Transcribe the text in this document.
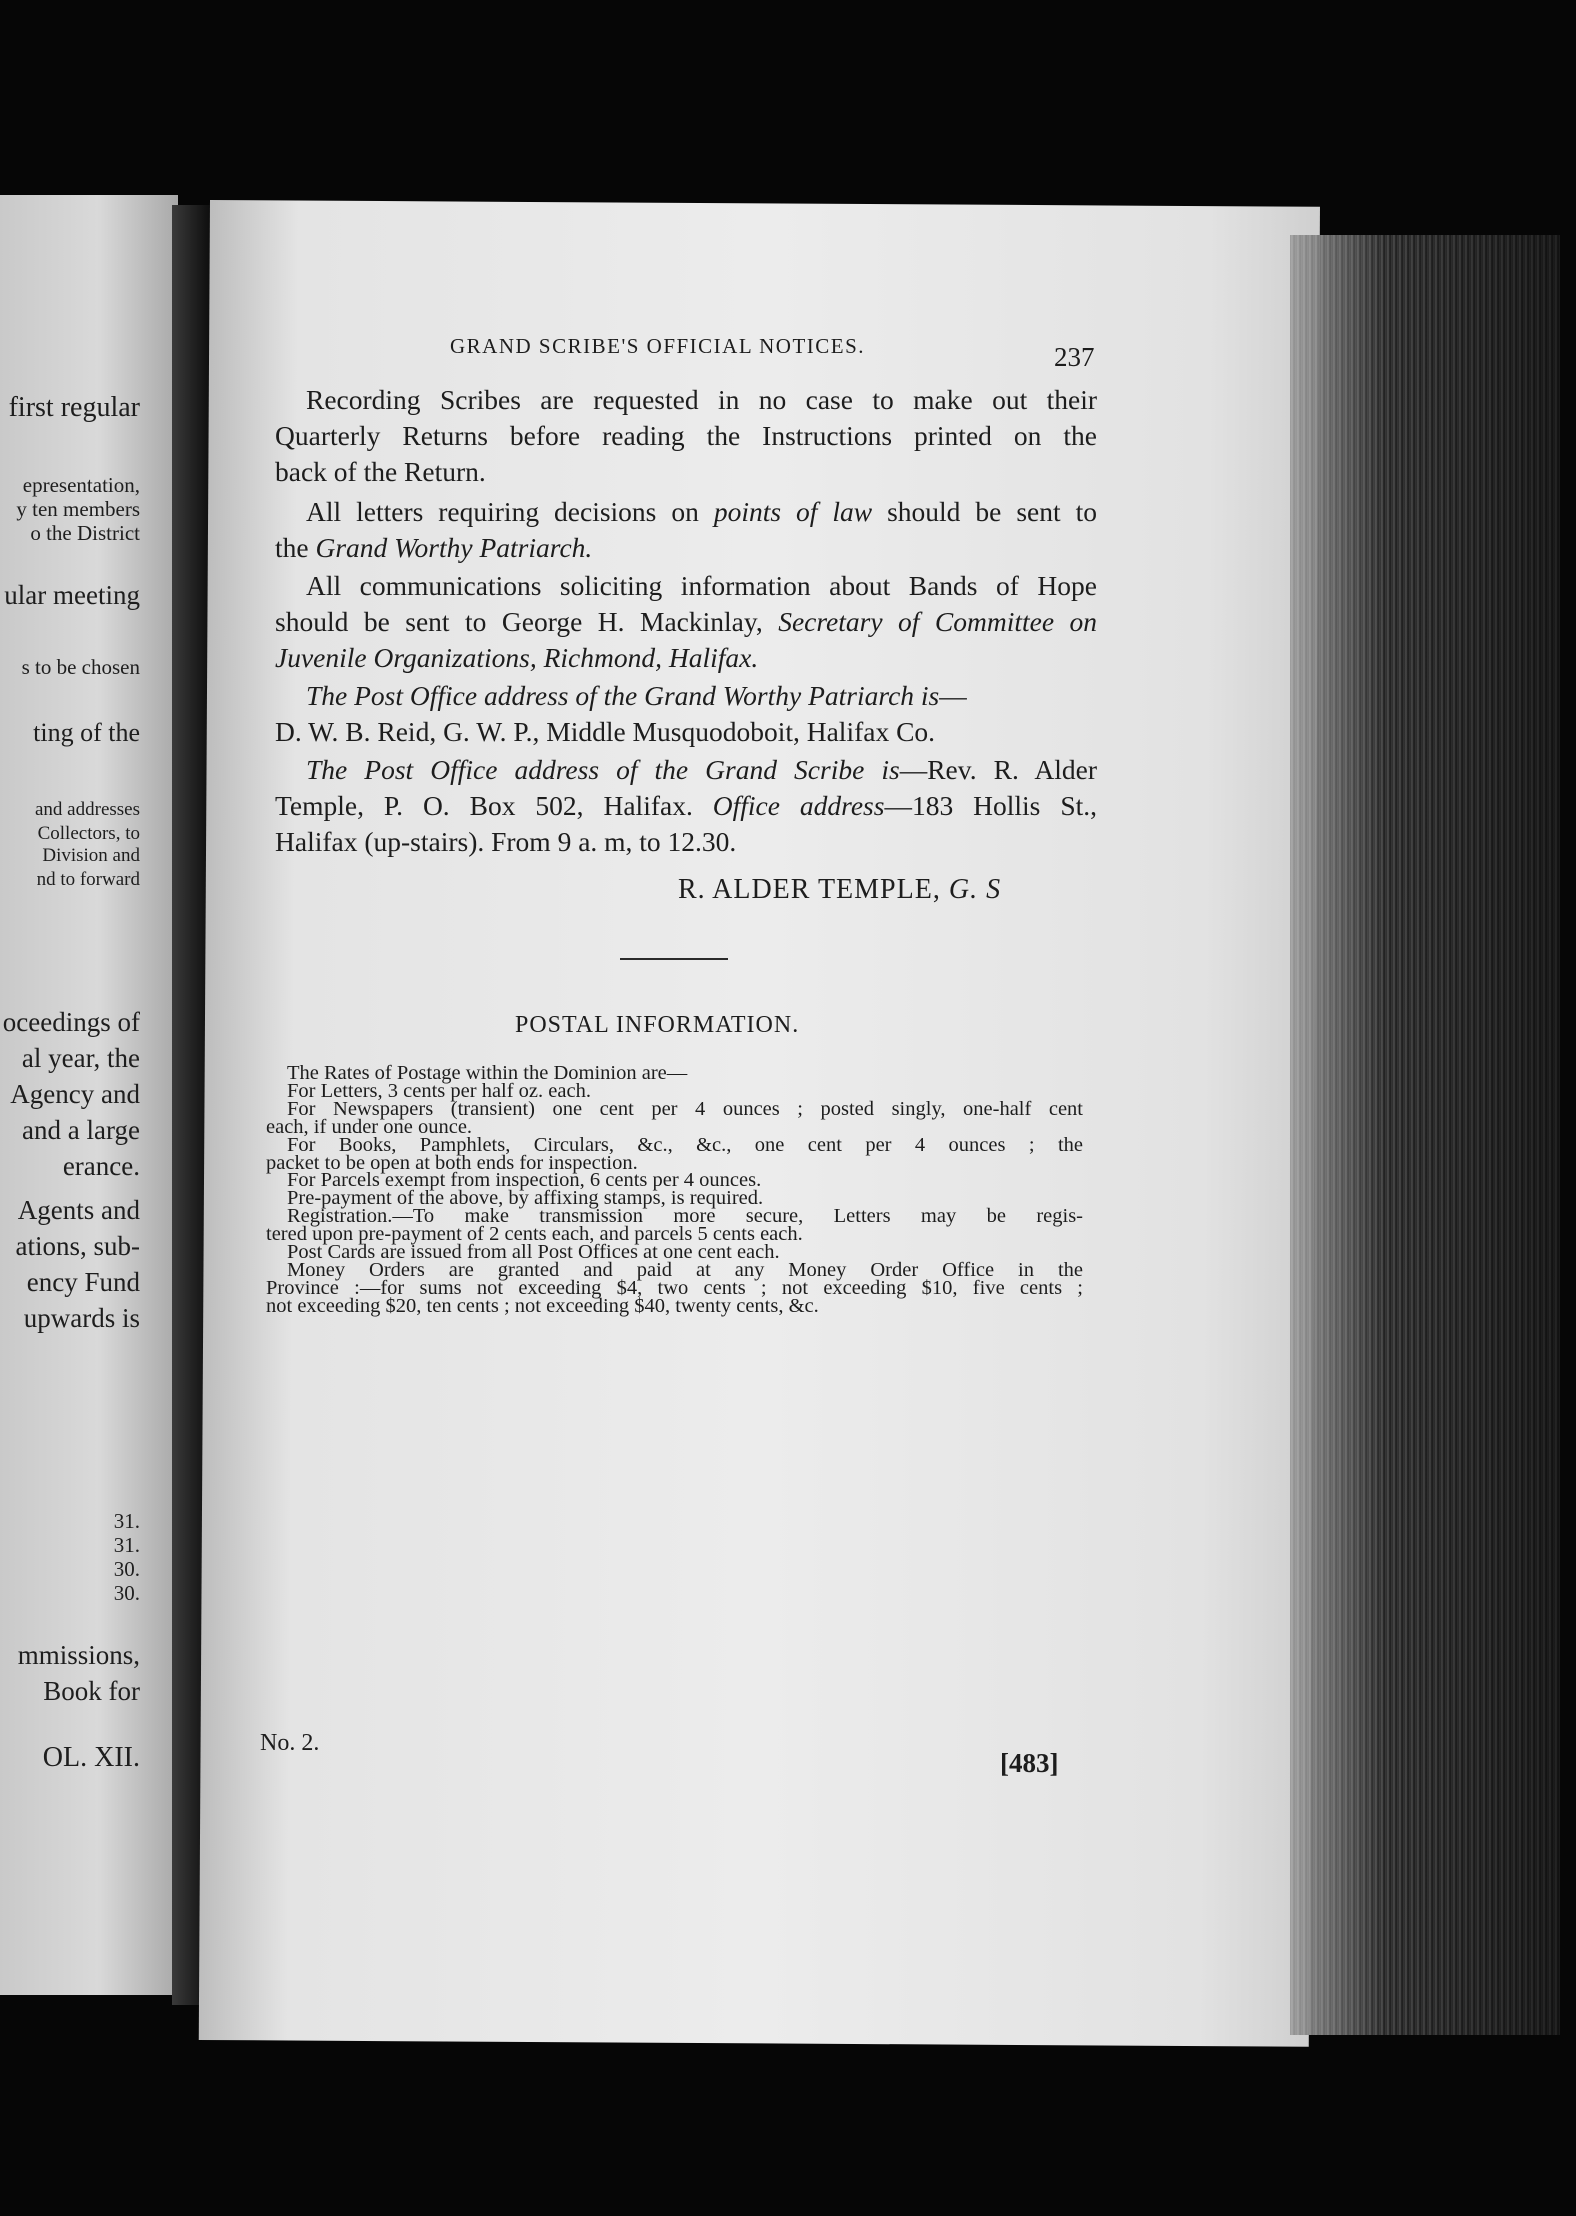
first regular
epresentation,
y ten members
o the District
ular meeting
s to be chosen
ting of the
and addresses
Collectors, to
Division and
nd to forward
oceedings of
al year, the
Agency and
and a large
erance.
Agents and
ations, sub-
ency Fund
upwards is
31.
31.
30.
30.
mmissions,
Book for
OL. XII.
GRAND SCRIBE'S OFFICIAL NOTICES.	237
Recording Scribes are requested in no case to make out their
Quarterly Returns before reading the Instructions printed on the
back of the Return.
All letters requiring decisions on points of law should be sent to
the Grand Worthy Patriarch.
All communications soliciting information about Bands of Hope
should be sent to George H. Mackinlay, Secretary of Committee on
Juvenile Organizations, Richmond, Halifax.
The Post Office address of the Grand Worthy Patriarch is—
D. W. B. Reid, G. W. P., Middle Musquodoboit, Halifax Co.
The Post Office address of the Grand Scribe is—Rev. R. Alder
Temple, P. O. Box 502, Halifax. Office address—183 Hollis St.,
Halifax (up-stairs). From 9 a. m, to 12.30.
R. ALDER TEMPLE, G. S
POSTAL INFORMATION.
The Rates of Postage within the Dominion are—
For Letters, 3 cents per half oz. each.
For Newspapers (transient) one cent per 4 ounces ; posted singly, one-half cent
each, if under one ounce.
For Books, Pamphlets, Circulars, &c., &c., one cent per 4 ounces ; the
packet to be open at both ends for inspection.
For Parcels exempt from inspection, 6 cents per 4 ounces.
Pre-payment of the above, by affixing stamps, is required.
Registration.—To make transmission more secure, Letters may be regis-
tered upon pre-payment of 2 cents each, and parcels 5 cents each.
Post Cards are issued from all Post Offices at one cent each.
Money Orders are granted and paid at any Money Order Office in the
Province :—for sums not exceeding $4, two cents ; not exceeding $10, five cents ;
not exceeding $20, ten cents ; not exceeding $40, twenty cents, &c.
No. 2.
[483]
